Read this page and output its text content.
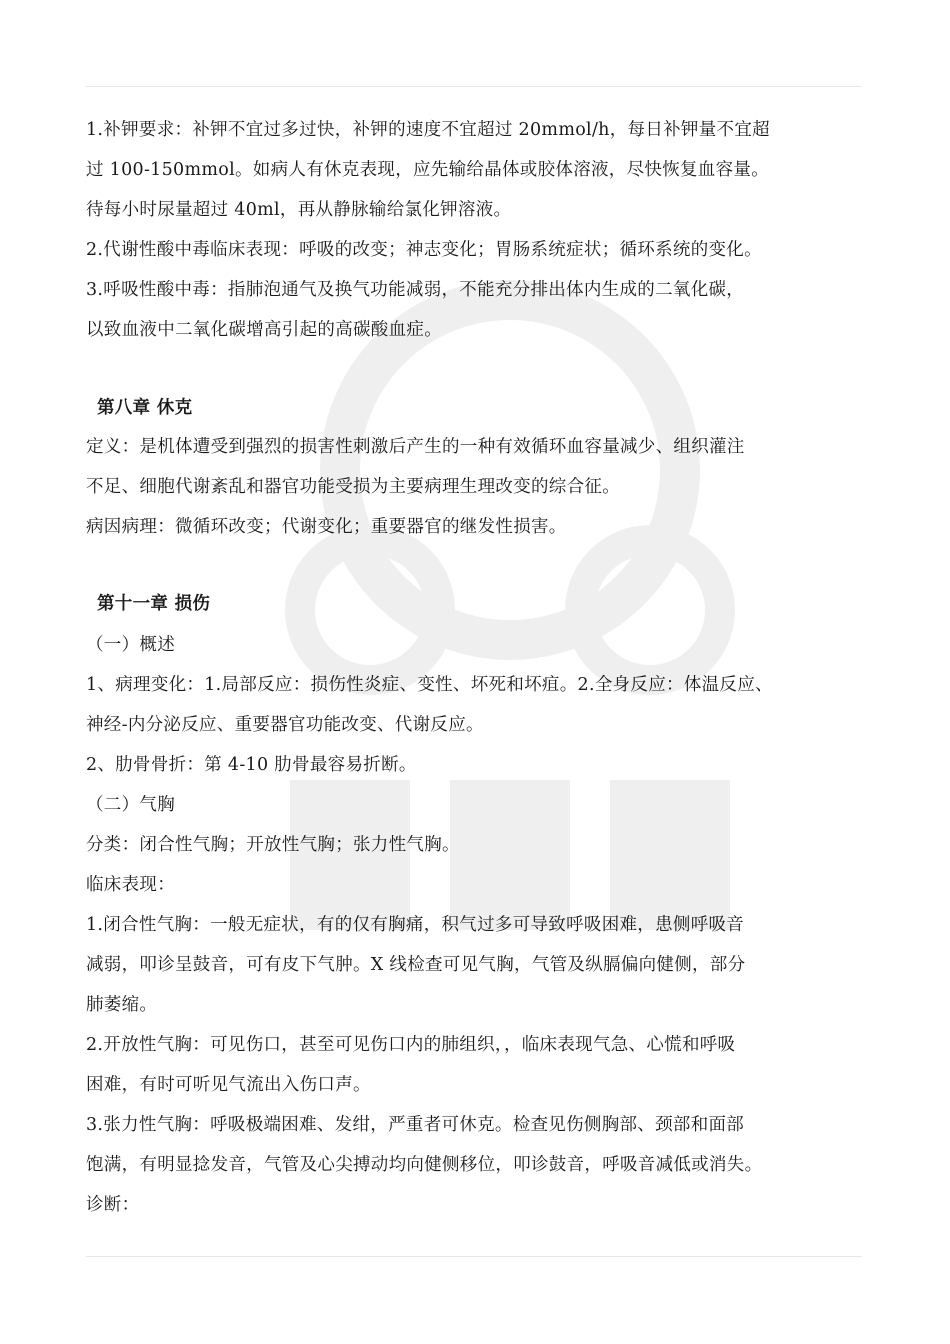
1.补钾要求：补钾不宜过多过快，补钾的速度不宜超过 20mmol/h，每日补钾量不宜超
过 100-150mmol。如病人有休克表现，应先输给晶体或胶体溶液，尽快恢复血容量。
待每小时尿量超过 40ml，再从静脉输给氯化钾溶液。
2.代谢性酸中毒临床表现：呼吸的改变；神志变化；胃肠系统症状；循环系统的变化。
3.呼吸性酸中毒：指肺泡通气及换气功能减弱，不能充分排出体内生成的二氧化碳，
以致血液中二氧化碳增高引起的高碳酸血症。
第八章 休克
定义：是机体遭受到强烈的损害性刺激后产生的一种有效循环血容量减少、组织灌注
不足、细胞代谢紊乱和器官功能受损为主要病理生理改变的综合征。
病因病理：微循环改变；代谢变化；重要器官的继发性损害。
第十一章 损伤
（一）概述
1、病理变化：1.局部反应：损伤性炎症、变性、坏死和坏疽。2.全身反应：体温反应、
神经-内分泌反应、重要器官功能改变、代谢反应。
2、肋骨骨折：第 4-10 肋骨最容易折断。
（二）气胸
分类：闭合性气胸；开放性气胸；张力性气胸。
临床表现：
1.闭合性气胸：一般无症状，有的仅有胸痛，积气过多可导致呼吸困难，患侧呼吸音
减弱，叩诊呈鼓音，可有皮下气肿。X 线检查可见气胸，气管及纵膈偏向健侧，部分
肺萎缩。
2.开放性气胸：可见伤口，甚至可见伤口内的肺组织，，临床表现气急、心慌和呼吸
困难，有时可听见气流出入伤口声。
3.张力性气胸：呼吸极端困难、发绀，严重者可休克。检查见伤侧胸部、颈部和面部
饱满，有明显捻发音，气管及心尖搏动均向健侧移位，叩诊鼓音，呼吸音减低或消失。
诊断：
